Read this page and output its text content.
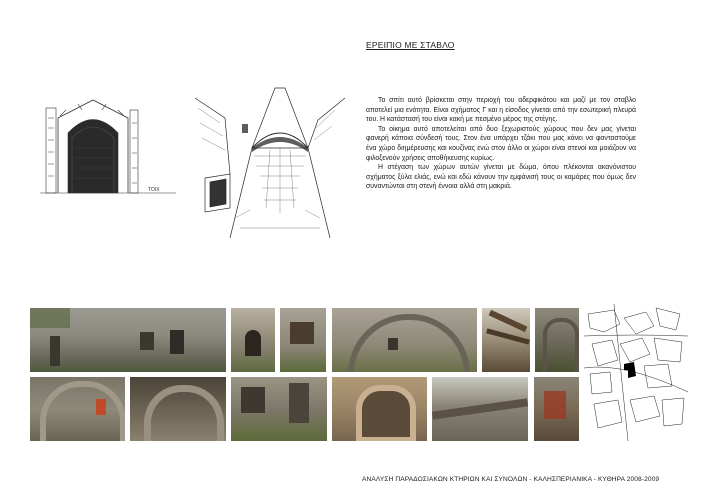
ΕΡΕΙΠΙΟ ΜΕ ΣΤΑΒΛΟ
ΤΟΙΧ

Το σπίτι αυτό βρίσκεται στην περιοχή του αδερφικάτου και μαζί με τον σταβλο αποτελεί μια ενότητα. Είναι σχήματος Γ και η είσοδος γίνεται από την εσωτερική πλευρά του. Η κατάστασή του είναι κακή με πεσμένο μέρος της στέγης.

Το οίκημα αυτό αποτελείται από δυο ξεχωριστούς χώρους που δεν μας γίνεται φανερή κάποια σύνδεσή τους. Στον ένα υπάρχει τζάκι που μας κάνει να φανταστούμε ένα χώρο διημέρευσης και κουζίνας ενώ στον άλλο οι χώροι είναι στενοί και μοιάζουν να φιλοξενούν χρήσεις αποθήκευσης κυρίως.

Η στέγαση των χώρων αυτών γίνεται με δώμα, όπου πλέκονται ακανόνιστου σχήματος ξύλα ελιάς, ενώ και εδώ κάνουν την εμφάνισή τους οι καμάρες που όμως δεν συναντώνται στη στενή έννοια αλλά στη μακριά.

ΑΝΑΛΥΣΗ ΠΑΡΑΔΟΣΙΑΚΩΝ ΚΤΗΡΙΩΝ ΚΑΙ ΣΥΝΟΛΩΝ - ΚΑΛΗΣΠΕΡΙΑΝΙΚΑ - ΚΥΘΗΡΑ 2008-2009
